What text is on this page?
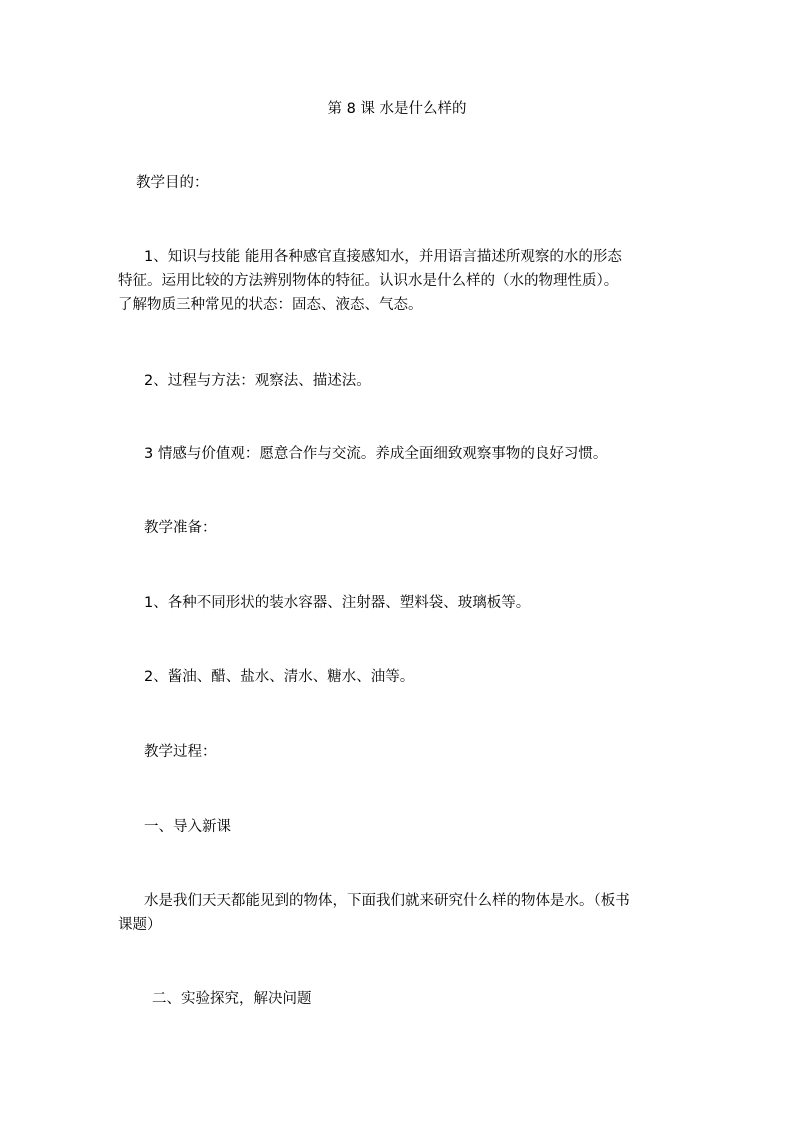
第 8 课 水是什么样的
教学目的：

1、知识与技能 能用各种感官直接感知水，并用语言描述所观察的水的形态

特征。运用比较的方法辨别物体的特征。认识水是什么样的（水的物理性质）。

了解物质三种常见的状态：固态、液态、气态。

2、过程与方法：观察法、描述法。
3 情感与价值观：愿意合作与交流。养成全面细致观察事物的良好习惯。
教学准备：
1、各种不同形状的装水容器、注射器、塑料袋、玻璃板等。
2、酱油、醋、盐水、清水、糖水、油等。
教学过程：
一、导入新课

水是我们天天都能见到的物体，下面我们就来研究什么样的物体是水。（板书

课题）

二、实验探究，解决问题
